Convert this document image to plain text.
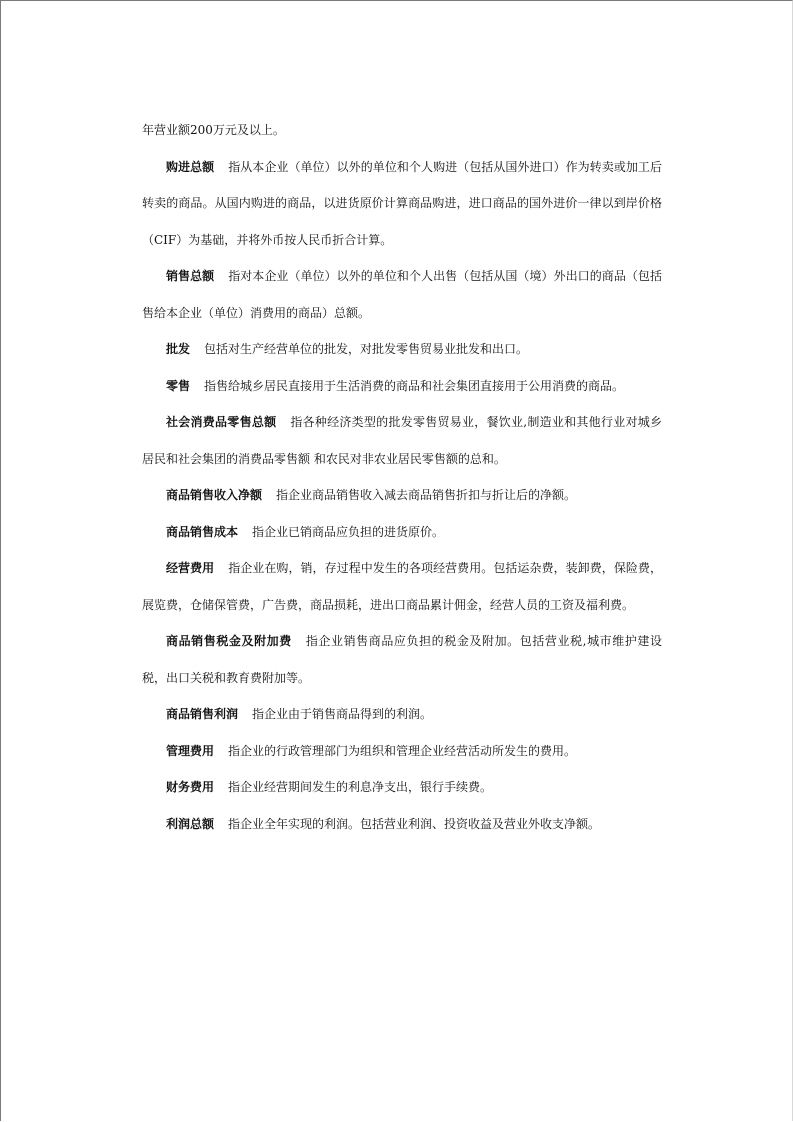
年营业额200万元及以上。

购进总额 指从本企业（单位）以外的单位和个人购进（包括从国外进口）作为转卖或加工后转卖的商品。从国内购进的商品，以进货原价计算商品购进，进口商品的国外进价一律以到岸价格（CIF）为基础，并将外币按人民币折合计算。

销售总额 指对本企业（单位）以外的单位和个人出售（包括从国（境）外出口的商品（包括售给本企业（单位）消费用的商品）总额。

批发 包括对生产经营单位的批发，对批发零售贸易业批发和出口。

零售 指售给城乡居民直接用于生活消费的商品和社会集团直接用于公用消费的商品。

社会消费品零售总额 指各种经济类型的批发零售贸易业，餐饮业,制造业和其他行业对城乡居民和社会集团的消费品零售额 和农民对非农业居民零售额的总和。

商品销售收入净额 指企业商品销售收入减去商品销售折扣与折让后的净额。

商品销售成本 指企业已销商品应负担的进货原价。

经营费用 指企业在购，销，存过程中发生的各项经营费用。包括运杂费，装卸费，保险费，展览费，仓储保管费，广告费，商品损耗，进出口商品累计佣金，经营人员的工资及福利费。

商品销售税金及附加费 指企业销售商品应负担的税金及附加。包括营业税,城市维护建设税，出口关税和教育费附加等。

商品销售利润 指企业由于销售商品得到的利润。

管理费用 指企业的行政管理部门为组织和管理企业经营活动所发生的费用。

财务费用 指企业经营期间发生的利息净支出，银行手续费。

利润总额 指企业全年实现的利润。包括营业利润、投资收益及营业外收支净额。
